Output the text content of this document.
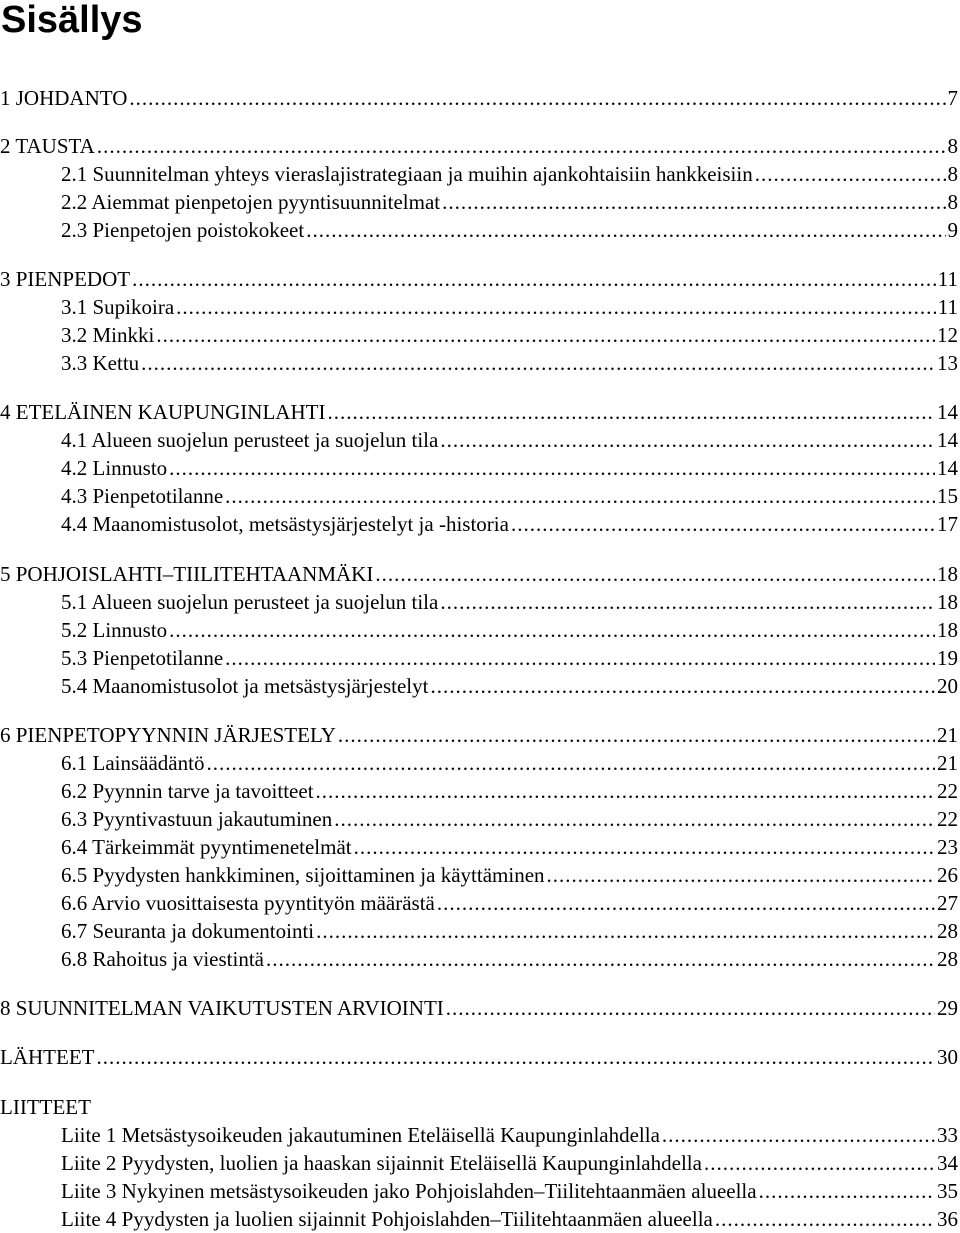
Sisällys
1 JOHDANTO .....	7
2 TAUSTA .....	8
2.1 Suunnitelman yhteys vieraslajistrategiaan ja muihin ajankohtaisiin hankkeisiin .....	8
2.2 Aiemmat pienpetojen pyyntisuunnitelmat .....	8
2.3 Pienpetojen poistokokeet .....	9
3 PIENPEDOT .....	11
3.1 Supikoira .....	11
3.2 Minkki .....	12
3.3 Kettu .....	13
4 ETELÄINEN KAUPUNGINLAHTI .....	14
4.1 Alueen suojelun perusteet ja suojelun tila .....	14
4.2 Linnusto .....	14
4.3 Pienpetotilanne .....	15
4.4 Maanomistusolot, metsästysjärjestelyt ja -historia .....	17
5 POHJOISLAHTI–TIILITEHTAANMÄKI .....	18
5.1 Alueen suojelun perusteet ja suojelun tila .....	18
5.2 Linnusto .....	18
5.3 Pienpetotilanne .....	19
5.4 Maanomistusolot ja metsästysjärjestelyt .....	20
6 PIENPETOPYYNNIN JÄRJESTELY .....	21
6.1 Lainsäädäntö .....	21
6.2 Pyynnin tarve ja tavoitteet .....	22
6.3 Pyyntivastuun jakautuminen .....	22
6.4 Tärkeimmät pyyntimenetelmät .....	23
6.5 Pyydysten hankkiminen, sijoittaminen ja käyttäminen .....	26
6.6 Arvio vuosittaisesta pyyntityön määrästä .....	27
6.7 Seuranta ja dokumentointi .....	28
6.8 Rahoitus ja viestintä .....	28
8 SUUNNITELMAN VAIKUTUSTEN ARVIOINTI .....	29
LÄHTEET .....	30
LIITTEET
Liite 1 Metsästysoikeuden jakautuminen Eteläisellä Kaupunginlahdella .....	33
Liite 2 Pyydysten, luolien ja haaskan sijainnit Eteläisellä Kaupunginlahdella .....	34
Liite 3 Nykyinen metsästysoikeuden jako Pohjoislahden–Tiilitehtaanmäen alueella .....	35
Liite 4 Pyydysten ja luolien sijainnit Pohjoislahden–Tiilitehtaanmäen alueella .....	36
